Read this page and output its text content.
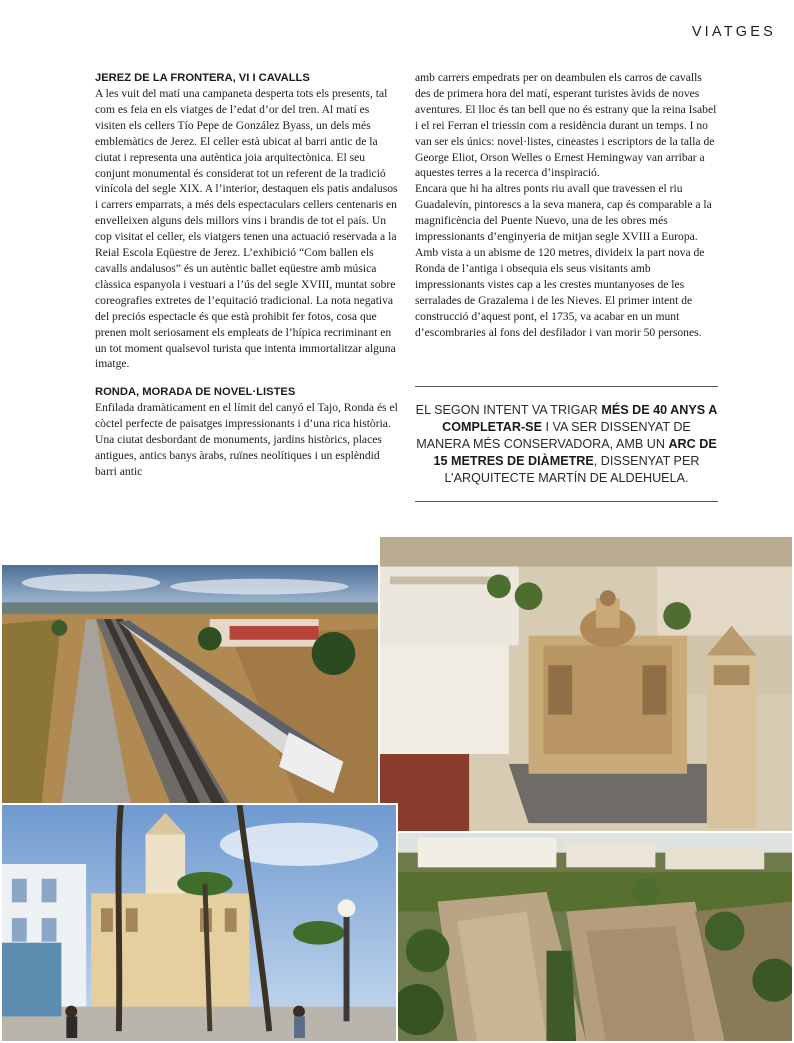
VIATGES

JEREZ DE LA FRONTERA, VI I CAVALLS

A les vuit del matí una campaneta desperta tots els presents, tal com es feia en els viatges de l’edat d’or del tren. Al matí es visiten els cellers Tío Pepe de González Byass, un dels més emblemàtics de Jerez. El celler està ubicat al barri antic de la ciutat i representa una autèntica joia arquitectònica. El seu conjunt monumental és considerat tot un referent de la tradició vinícola del segle XIX. A l’interior, destaquen els patis andalusos i carrers emparrats, a més dels espectaculars cellers centenaris en envelleixen alguns dels millors vins i brandis de tot el país. Un cop visitat el celler, els viatgers tenen una actuació reservada a la Reial Escola Eqüestre de Jerez. L’exhibició “Com ballen els cavalls andalusos” és un autèntic ballet eqüestre amb música clàssica espanyola i vestuari a l’ús del segle XVIII, muntat sobre coreografies extretes de l’equitació tradicional. La nota negativa del preciós espectacle és que està prohibit fer fotos, cosa que prenen molt seriosament els empleats de l’hípica recriminant en un tot moment qualsevol turista que intenta immortalitzar alguna imatge.

RONDA, MORADA DE NOVEL·LISTES

Enfilada dramàticament en el límit del canyó el Tajo, Ronda és el còctel perfecte de paisatges impressionants i d’una rica història. Una ciutat desbordant de monuments, jardins històrics, places antigues, antics banys àrabs, ruïnes neolítiques i un esplèndid barri antic

amb carrers empedrats per on deambulen els carros de cavalls des de primera hora del matí, esperant turistes àvids de noves aventures. El lloc és tan bell que no és estrany que la reina Isabel i el rei Ferran el triessin com a residència durant un temps. I no van ser els únics: novel·listes, cineastes i escriptors de la talla de George Eliot, Orson Welles o Ernest Hemingway van arribar a aquestes terres a la recerca d’inspiració.

Encara que hi ha altres ponts riu avall que travessen el riu Guadalevín, pintorescs a la seva manera, cap és comparable a la magnificència del Puente Nuevo, una de les obres més impressionants d’enginyeria de mitjan segle XVIII a Europa. Amb vista a un abisme de 120 metres, divideix la part nova de Ronda de l’antiga i obsequia els seus visitants amb impressionants vistes cap a les crestes muntanyoses de les serralades de Grazalema i de les Nieves. El primer intent de construcció d’aquest pont, el 1735, va acabar en un munt d’escombraries al fons del desfilador i van morir 50 persones.

EL SEGON INTENT VA TRIGAR MÉS DE 40 ANYS A COMPLETAR-SE I VA SER DISSENYAT DE MANERA MÉS CONSERVADORA, AMB UN ARC DE 15 METRES DE DIÀMETRE, DISSENYAT PER L’ARQUITECTE MARTÍN DE ALDEHUELA.
